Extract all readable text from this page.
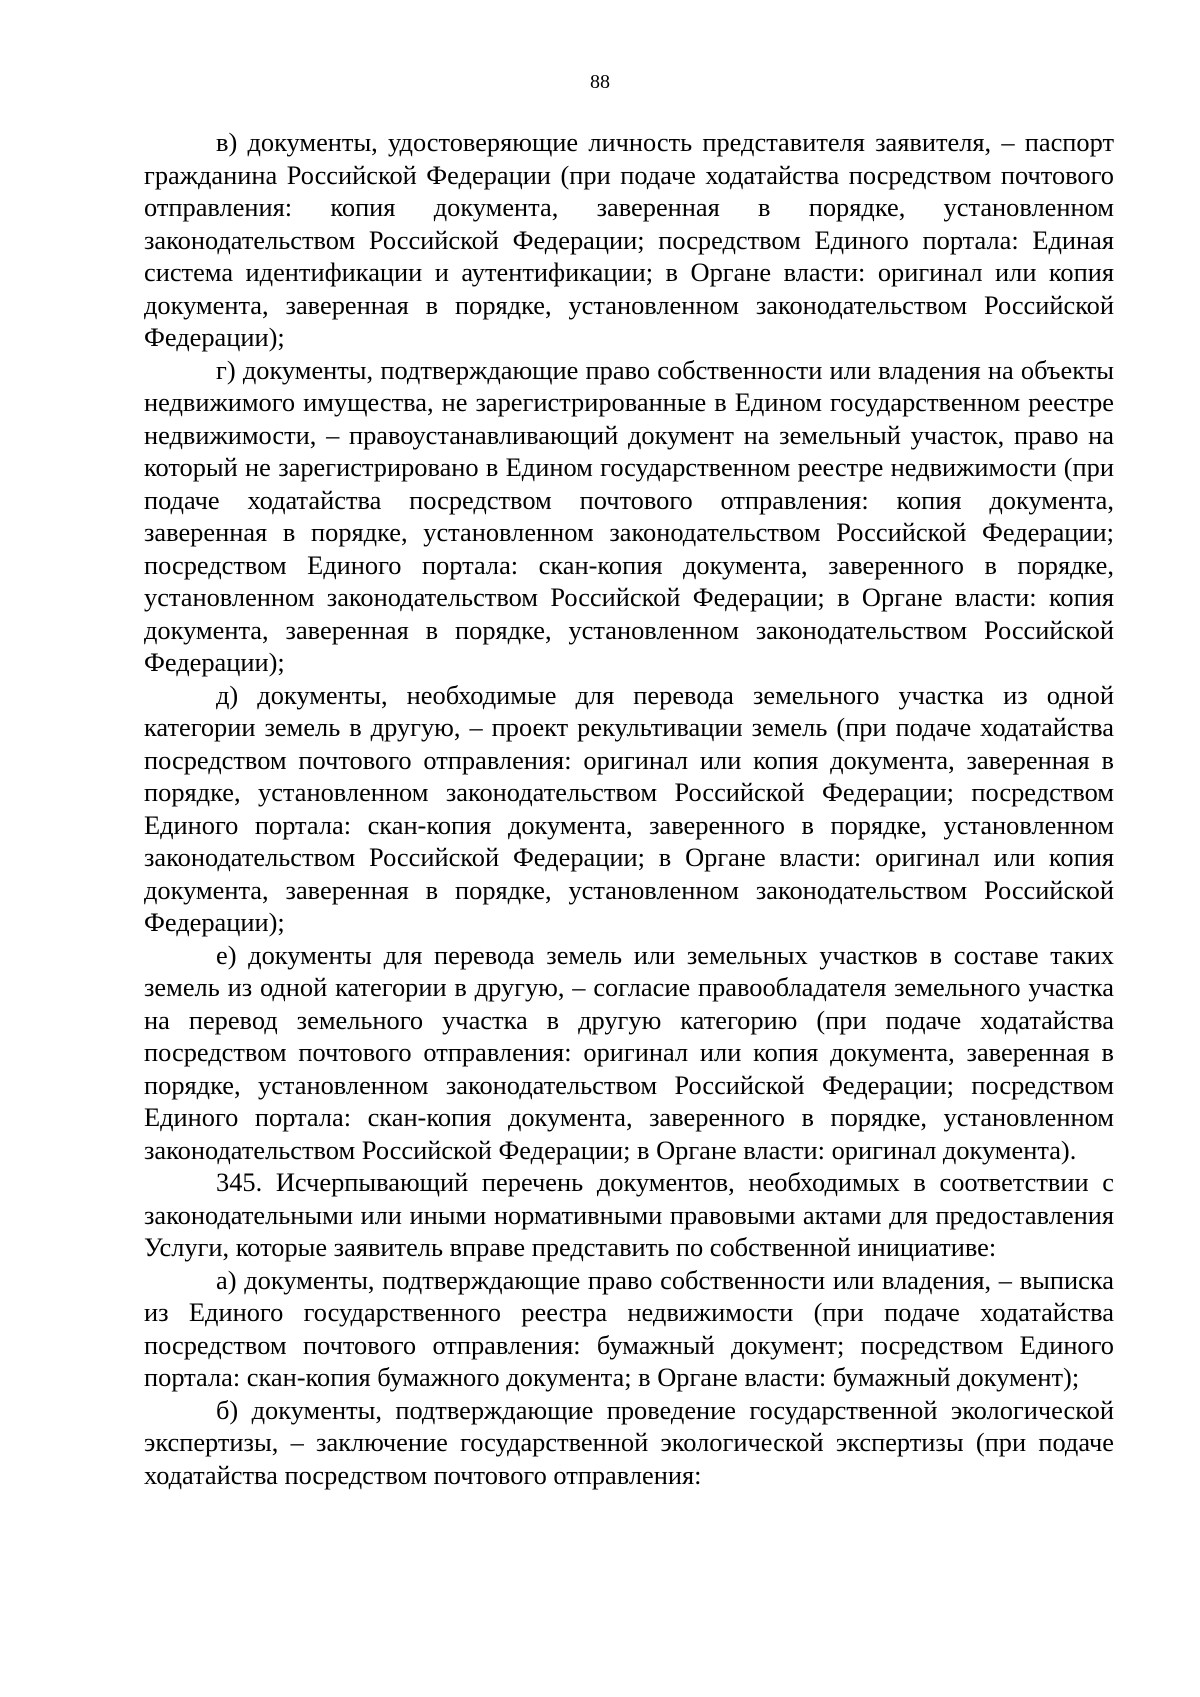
88

в) документы, удостоверяющие личность представителя заявителя, – паспорт гражданина Российской Федерации (при подаче ходатайства посредством почтового отправления: копия документа, заверенная в порядке, установленном законодательством Российской Федерации; посредством Единого портала: Единая система идентификации и аутентификации; в Органе власти: оригинал или копия документа, заверенная в порядке, установленном законодательством Российской Федерации);

г) документы, подтверждающие право собственности или владения на объекты недвижимого имущества, не зарегистрированные в Едином государственном реестре недвижимости, – правоустанавливающий документ на земельный участок, право на который не зарегистрировано в Едином государственном реестре недвижимости (при подаче ходатайства посредством почтового отправления: копия документа, заверенная в порядке, установленном законодательством Российской Федерации; посредством Единого портала: скан-копия документа, заверенного в порядке, установленном законодательством Российской Федерации; в Органе власти: копия документа, заверенная в порядке, установленном законодательством Российской Федерации);

д) документы, необходимые для перевода земельного участка из одной категории земель в другую, – проект рекультивации земель (при подаче ходатайства посредством почтового отправления: оригинал или копия документа, заверенная в порядке, установленном законодательством Российской Федерации; посредством Единого портала: скан-копия документа, заверенного в порядке, установленном законодательством Российской Федерации; в Органе власти: оригинал или копия документа, заверенная в порядке, установленном законодательством Российской Федерации);

е) документы для перевода земель или земельных участков в составе таких земель из одной категории в другую, – согласие правообладателя земельного участка на перевод земельного участка в другую категорию (при подаче ходатайства посредством почтового отправления: оригинал или копия документа, заверенная в порядке, установленном законодательством Российской Федерации; посредством Единого портала: скан-копия документа, заверенного в порядке, установленном законодательством Российской Федерации; в Органе власти: оригинал документа).

345. Исчерпывающий перечень документов, необходимых в соответствии с законодательными или иными нормативными правовыми актами для предоставления Услуги, которые заявитель вправе представить по собственной инициативе:

а) документы, подтверждающие право собственности или владения, – выписка из Единого государственного реестра недвижимости (при подаче ходатайства посредством почтового отправления: бумажный документ; посредством Единого портала: скан-копия бумажного документа; в Органе власти: бумажный документ);

б) документы, подтверждающие проведение государственной экологической экспертизы, – заключение государственной экологической экспертизы (при подаче ходатайства посредством почтового отправления:
